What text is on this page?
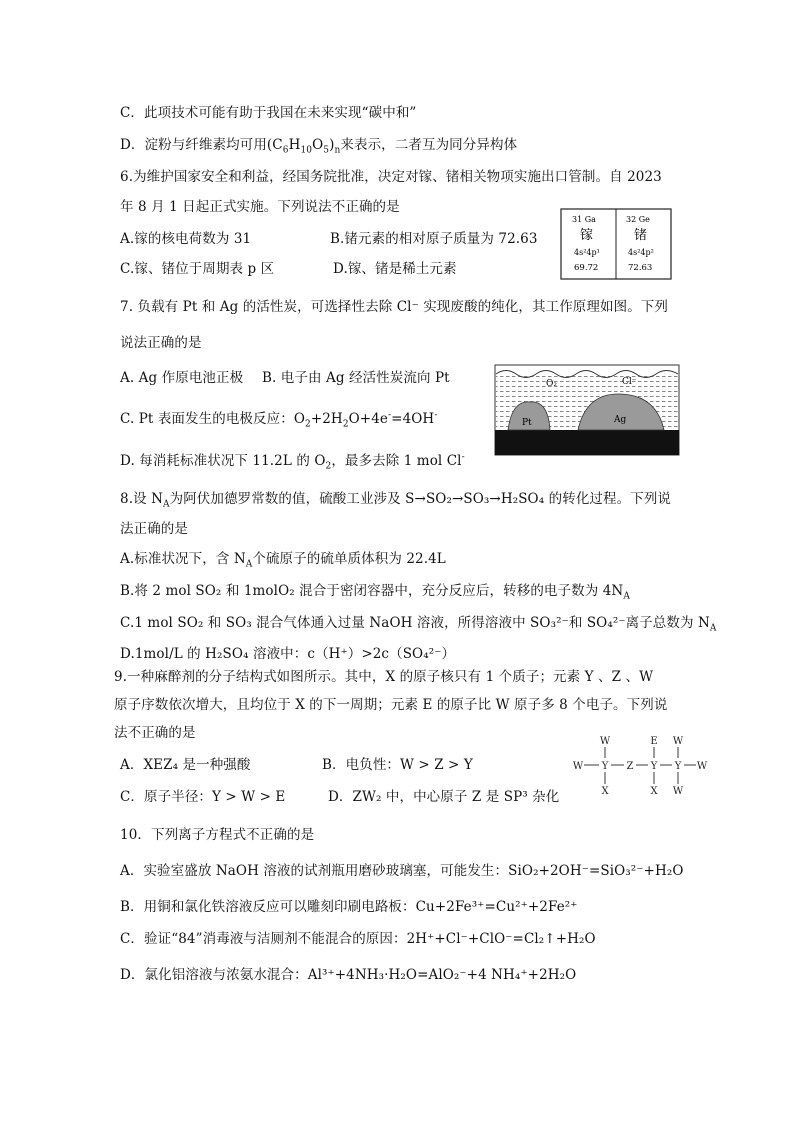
C．此项技术可能有助于我国在未来实现“碳中和”
D．淀粉与纤维素均可用$(C_6H_{10}O_5)_n$来表示，二者互为同分异构体
6.为维护国家安全和利益，经国务院批准，决定对镓、锗相关物项实施出口管制。自 2023
年 8 月 1 日起正式实施。下列说法不正确的是
A.镓的核电荷数为 31	B.锗元素的相对原子质量为 72.63
C.镓、锗位于周期表 p 区	D.镓、锗是稀土元素
31 Ga
镓
4s²4p¹
69.72
32 Ge
锗
4s²4p²
72.63
7. 负载有 Pt 和 Ag 的活性炭，可选择性去除 Cl⁻ 实现废酸的纯化，其工作原理如图。下列
说法正确的是
A. Ag 作原电池正极 B. 电子由 Ag 经活性炭流向 Pt
C. Pt 表面发生的电极反应：$O_2+2H_2O+4e^-=4OH^-$
D. 每消耗标准状况下 11.2L 的 $O_2$，最多去除 1 mol Cl-
O₂	Cl⁻
Pt	Ag
8.设 $N_A$为阿伏加德罗常数的值，硫酸工业涉及 S→SO₂→SO₃→H₂SO₄ 的转化过程。下列说
法正确的是
A.标准状况下，含 $N_A$个硫原子的硫单质体积为 22.4L
B.将 2 mol SO₂ 和 1molO₂ 混合于密闭容器中，充分反应后，转移的电子数为 $4N_A$
C.1 mol SO₂ 和 SO₃ 混合气体通入过量 NaOH 溶液，所得溶液中 SO₃²⁻和 SO₄²⁻离子总数为 $N_A$
D.1mol/L 的 H₂SO₄ 溶液中：c（H⁺）>2c（SO₄²⁻）
9.一种麻醉剂的分子结构式如图所示。其中，X 的原子核只有 1 个质子；元素 Y 、Z 、W
原子序数依次增大，且均位于 X 的下一周期；元素 E 的原子比 W 原子多 8 个电子。下列说
法不正确的是
A．XEZ₄ 是一种强酸	B．电负性：W > Z > Y
C．原子半径：Y > W > E	D．ZW₂ 中，中心原子 Z 是 SP³ 杂化
W
W Y Z
X
E
Y
X
W
Y
W
W
10．下列离子方程式不正确的是
A．实验室盛放 NaOH 溶液的试剂瓶用磨砂玻璃塞，可能发生：SiO₂+2OH⁻=SiO₃²⁻+H₂O
B．用铜和氯化铁溶液反应可以雕刻印刷电路板：Cu+2Fe³⁺=Cu²⁺+2Fe²⁺
C．验证“84”消毒液与洁厕剂不能混合的原因：2H⁺+Cl⁻+ClO⁻=Cl₂↑+H₂O
D．氯化铝溶液与浓氨水混合：Al³⁺+4NH₃·H₂O=AlO₂⁻+4 NH₄⁺+2H₂O
